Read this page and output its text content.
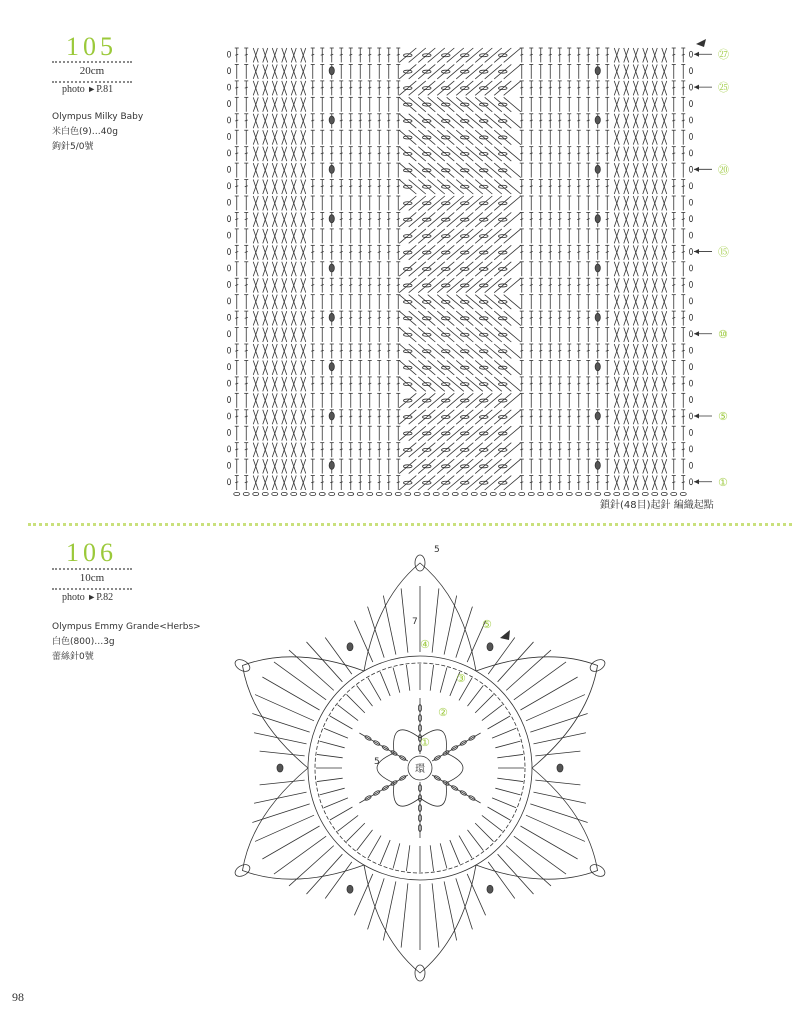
105
20cm
photo ►P.81
Olympus Milky Baby
米白色(9)…40g
鉤針5/0號
㉗
㉕
⑳
⑮
⑩
⑤
①
鎖針(48目)起針 編織起點
106
10cm
photo ►P.82
Olympus Emmy Grande<Herbs>
白色(800)…3g
蕾絲針0號
環
①
②
③
④
⑤
5
7
5
98
